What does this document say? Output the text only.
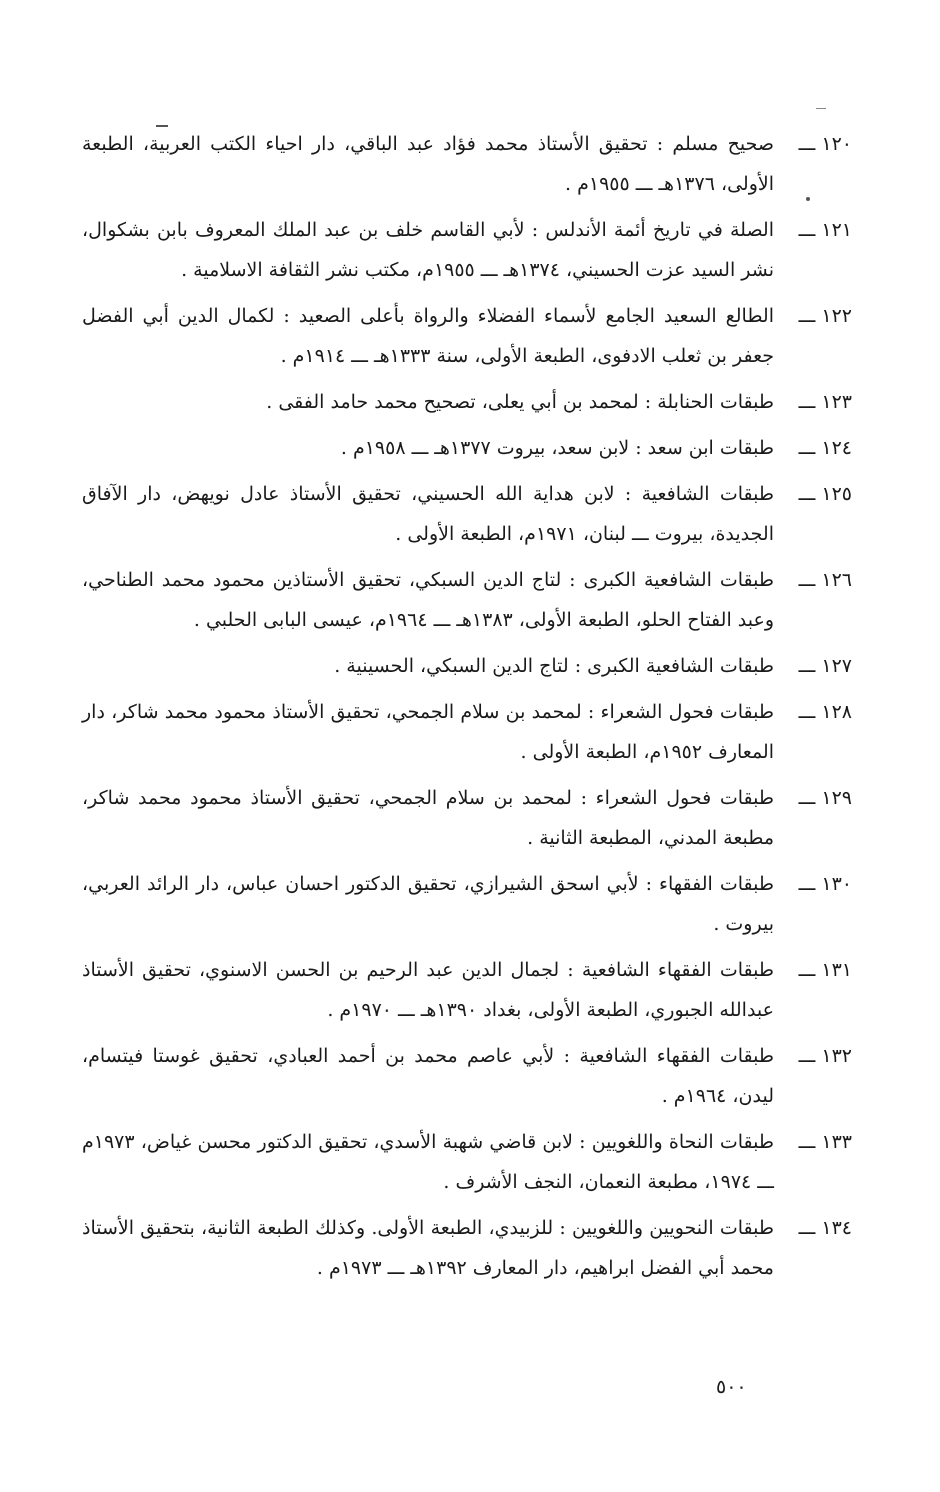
١٢٠ ـــ
صحيح مسلم : تحقيق الأستاذ محمد فؤاد عبد الباقي، دار احياء الكتب العربية، الطبعة الأولى، ١٣٧٦هـ ـــ ١٩٥٥م .
١٢١ ـــ
الصلة في تاريخ أئمة الأندلس : لأبي القاسم خلف بن عبد الملك المعروف بابن بشكوال، نشر السيد عزت الحسيني، ١٣٧٤هـ ـــ ١٩٥٥م، مكتب نشر الثقافة الاسلامية .
١٢٢ ـــ
الطالع السعيد الجامع لأسماء الفضلاء والرواة بأعلى الصعيد : لكمال الدين أبي الفضل جعفر بن ثعلب الادفوى، الطبعة الأولى، سنة ١٣٣٣هـ ـــ ١٩١٤م .
١٢٣ ـــ
طبقات الحنابلة : لمحمد بن أبي يعلى، تصحيح محمد حامد الفقى .
١٢٤ ـــ
طبقات ابن سعد : لابن سعد، بيروت ١٣٧٧هـ ـــ ١٩٥٨م .
١٢٥ ـــ
طبقات الشافعية : لابن هداية الله الحسيني، تحقيق الأستاذ عادل نويهض، دار الآفاق الجديدة، بيروت ـــ لبنان، ١٩٧١م، الطبعة الأولى .
١٢٦ ـــ
طبقات الشافعية الكبرى : لتاج الدين السبكي، تحقيق الأستاذين محمود محمد الطناحي، وعبد الفتاح الحلو، الطبعة الأولى، ١٣٨٣هـ ـــ ١٩٦٤م، عيسى البابى الحلبي .
١٢٧ ـــ
طبقات الشافعية الكبرى : لتاج الدين السبكي، الحسينية .
١٢٨ ـــ
طبقات فحول الشعراء : لمحمد بن سلام الجمحي، تحقيق الأستاذ محمود محمد شاكر، دار المعارف ١٩٥٢م، الطبعة الأولى .
١٢٩ ـــ
طبقات فحول الشعراء : لمحمد بن سلام الجمحي، تحقيق الأستاذ محمود محمد شاكر، مطبعة المدني، المطبعة الثانية .
١٣٠ ـــ
طبقات الفقهاء : لأبي اسحق الشيرازي، تحقيق الدكتور احسان عباس، دار الرائد العربي، بيروت .
١٣١ ـــ
طبقات الفقهاء الشافعية : لجمال الدين عبد الرحيم بن الحسن الاسنوي، تحقيق الأستاذ عبدالله الجبوري، الطبعة الأولى، بغداد ١٣٩٠هـ ـــ ١٩٧٠م .
١٣٢ ـــ
طبقات الفقهاء الشافعية : لأبي عاصم محمد بن أحمد العبادي، تحقيق غوستا فيتسام، ليدن، ١٩٦٤م .
١٣٣ ـــ
طبقات النحاة واللغويين : لابن قاضي شهبة الأسدي، تحقيق الدكتور محسن غياض، ١٩٧٣م ـــ ١٩٧٤، مطبعة النعمان، النجف الأشرف .
١٣٤ ـــ
طبقات النحويين واللغويين : للزبيدي، الطبعة الأولى. وكذلك الطبعة الثانية، بتحقيق الأستاذ محمد أبي الفضل ابراهيم، دار المعارف ١٣٩٢هـ ـــ ١٩٧٣م .
٥٠٠
